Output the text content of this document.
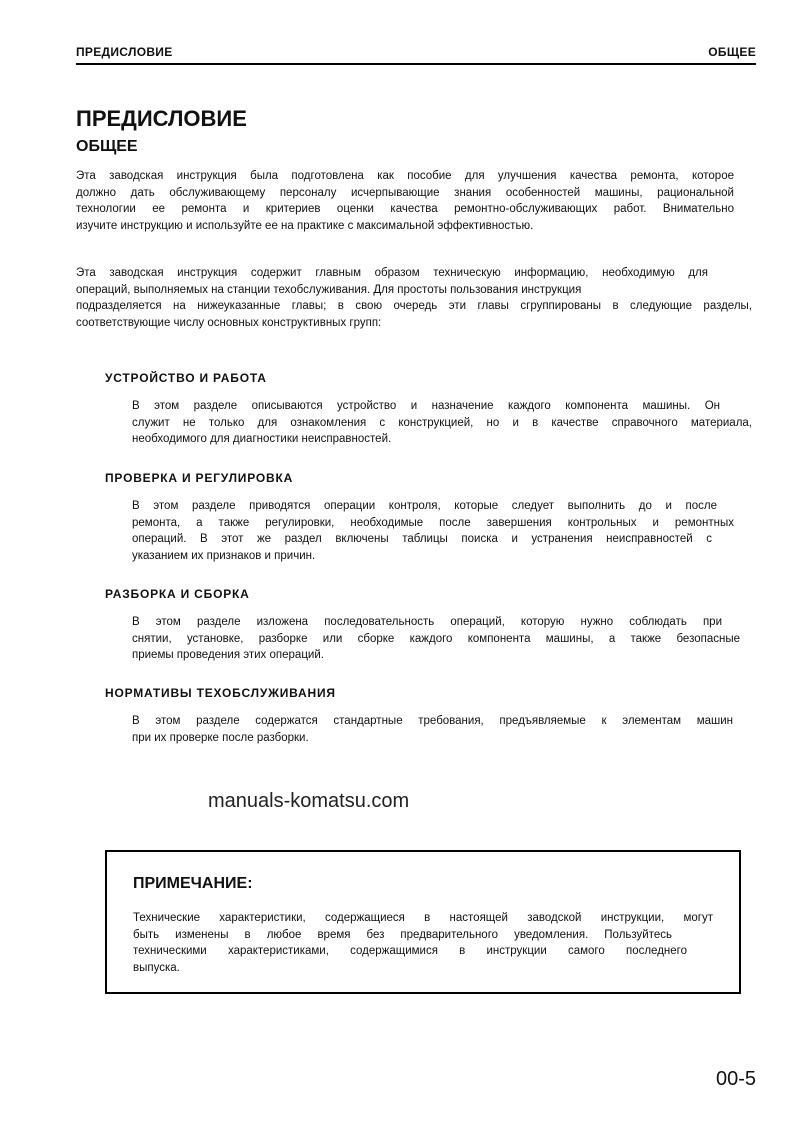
ПРЕДИСЛОВИЕ	ОБЩЕЕ
ПРЕДИСЛОВИЕ
ОБЩЕЕ
Эта заводская инструкция была подготовлена как пособие для улучшения качества ремонта, которое
должно дать обслуживающему персоналу исчерпывающие знания особенностей машины, рациональной
технологии ее ремонта и критериев оценки качества ремонтно-обслуживающих работ. Внимательно
изучите инструкцию и используйте ее на практике с максимальной эффективностью.
Эта заводская инструкция содержит главным образом техническую информацию, необходимую для
операций, выполняемых на станции техобслуживания. Для простоты пользования инструкция
подразделяется на нижеуказанные главы; в свою очередь эти главы сгруппированы в следующие разделы,
соответствующие числу основных конструктивных групп:
УСТРОЙСТВО И РАБОТА
В этом разделе описываются устройство и назначение каждого компонента машины. Он
служит не только для ознакомления с конструкцией, но и в качестве справочного материала,
необходимого для диагностики неисправностей.
ПРОВЕРКА И РЕГУЛИРОВКА
В этом разделе приводятся операции контроля, которые следует выполнить до и после
ремонта, а также регулировки, необходимые после завершения контрольных и ремонтных
операций. В этот же раздел включены таблицы поиска и устранения неисправностей с
указанием их признаков и причин.
РАЗБОРКА И СБОРКА
В этом разделе изложена последовательность операций, которую нужно соблюдать при
снятии, установке, разборке или сборке каждого компонента машины, а также безопасные
приемы проведения этих операций.
НОРМАТИВЫ ТЕХОБСЛУЖИВАНИЯ
В этом разделе содержатся стандартные требования, предъявляемые к элементам машин
при их проверке после разборки.
manuals-komatsu.com
ПРИМЕЧАНИЕ:
Технические характеристики, содержащиеся в настоящей заводской инструкции, могут
быть изменены в любое время без предварительного уведомления. Пользуйтесь
техническими характеристиками, содержащимися в инструкции самого последнего
выпуска.
00-5
